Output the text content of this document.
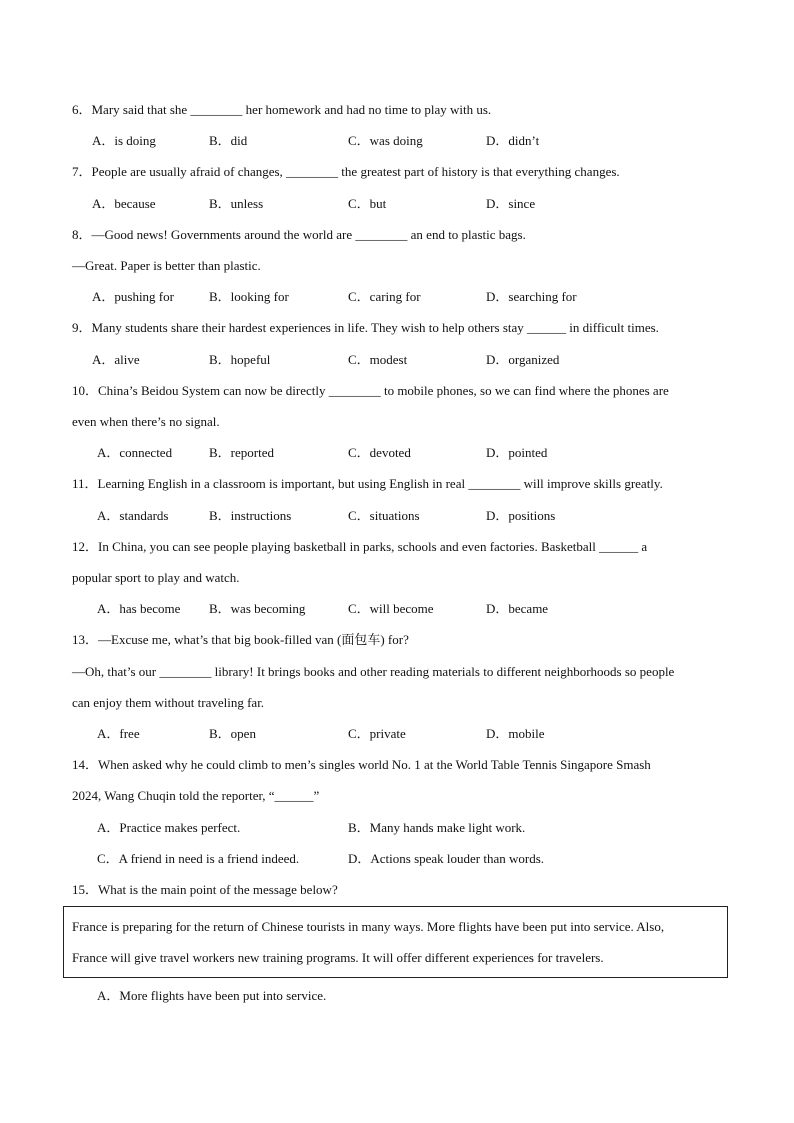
6．Mary said that she ________ her homework and had no time to play with us.
A．is doing	B．did	C．was doing	D．didn’t
7．People are usually afraid of changes, ________ the greatest part of history is that everything changes.
A．because	B．unless	C．but	D．since
8．—Good news! Governments around the world are ________ an end to plastic bags.
—Great. Paper is better than plastic.
A．pushing for	B．looking for	C．caring for	D．searching for
9．Many students share their hardest experiences in life. They wish to help others stay ______ in difficult times.
A．alive	B．hopeful	C．modest	D．organized
10．China’s Beidou System can now be directly ________ to mobile phones, so we can find where the phones are
even when there’s no signal.
A．connected	B．reported	C．devoted	D．pointed
11．Learning English in a classroom is important, but using English in real ________ will improve skills greatly.
A．standards	B．instructions	C．situations	D．positions
12．In China, you can see people playing basketball in parks, schools and even factories. Basketball ______ a
popular sport to play and watch.
A．has become B．was becoming	C．will become	D．became
13．—Excuse me, what’s that big book-filled van (面包车) for?
—Oh, that’s our ________ library! It brings books and other reading materials to different neighborhoods so people
can enjoy them without traveling far.
A．free	B．open	C．private	D．mobile
14．When asked why he could climb to men’s singles world No. 1 at the World Table Tennis Singapore Smash
2024, Wang Chuqin told the reporter, “______”
A．Practice makes perfect.	B．Many hands make light work.
C．A friend in need is a friend indeed.	D．Actions speak louder than words.
15．What is the main point of the message below?
France is preparing for the return of Chinese tourists in many ways. More flights have been put into service. Also,
France will give travel workers new training programs. It will offer different experiences for travelers.
A．More flights have been put into service.
